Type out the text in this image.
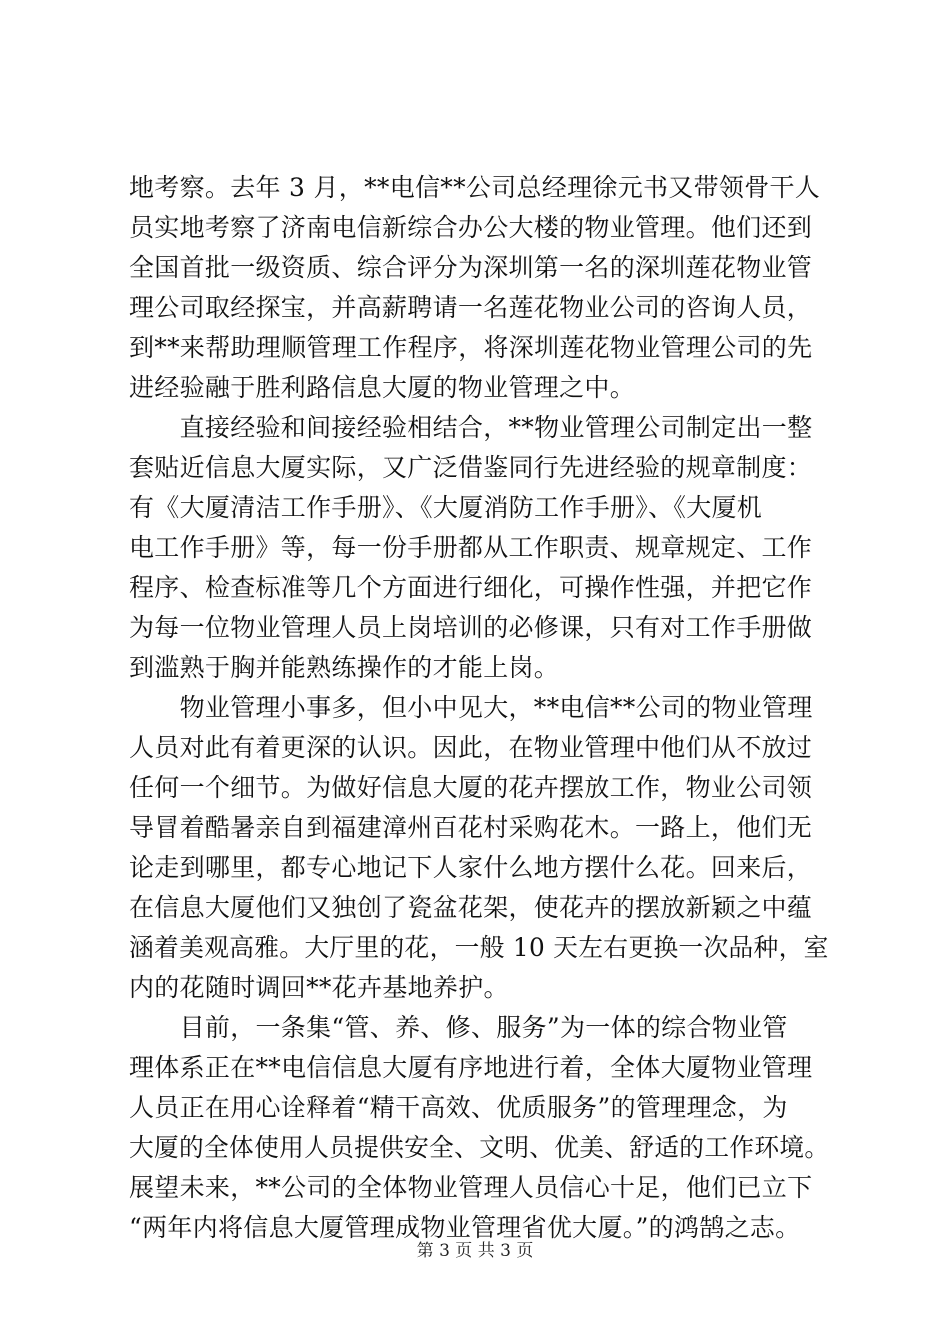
地考察。去年 3 月，**电信**公司总经理徐元书又带领骨干人
员实地考察了济南电信新综合办公大楼的物业管理。他们还到
全国首批一级资质、综合评分为深圳第一名的深圳莲花物业管
理公司取经探宝，并高薪聘请一名莲花物业公司的咨询人员，
到**来帮助理顺管理工作程序，将深圳莲花物业管理公司的先
进经验融于胜利路信息大厦的物业管理之中。
　　直接经验和间接经验相结合，**物业管理公司制定出一整
套贴近信息大厦实际，又广泛借鉴同行先进经验的规章制度：
有《大厦清洁工作手册》、《大厦消防工作手册》、《大厦机
电工作手册》等，每一份手册都从工作职责、规章规定、工作
程序、检查标准等几个方面进行细化，可操作性强，并把它作
为每一位物业管理人员上岗培训的必修课，只有对工作手册做
到滥熟于胸并能熟练操作的才能上岗。
　　物业管理小事多，但小中见大，**电信**公司的物业管理
人员对此有着更深的认识。因此，在物业管理中他们从不放过
任何一个细节。为做好信息大厦的花卉摆放工作，物业公司领
导冒着酷暑亲自到福建漳州百花村采购花木。一路上，他们无
论走到哪里，都专心地记下人家什么地方摆什么花。回来后，
在信息大厦他们又独创了瓷盆花架，使花卉的摆放新颖之中蕴
涵着美观高雅。大厅里的花，一般 10 天左右更换一次品种，室
内的花随时调回**花卉基地养护。
　　目前，一条集“管、养、修、服务”为一体的综合物业管
理体系正在**电信信息大厦有序地进行着，全体大厦物业管理
人员正在用心诠释着“精干高效、优质服务”的管理理念，为
大厦的全体使用人员提供安全、文明、优美、舒适的工作环境。
展望未来，**公司的全体物业管理人员信心十足，他们已立下
“两年内将信息大厦管理成物业管理省优大厦。”的鸿鹄之志。
第 3 页 共 3 页
